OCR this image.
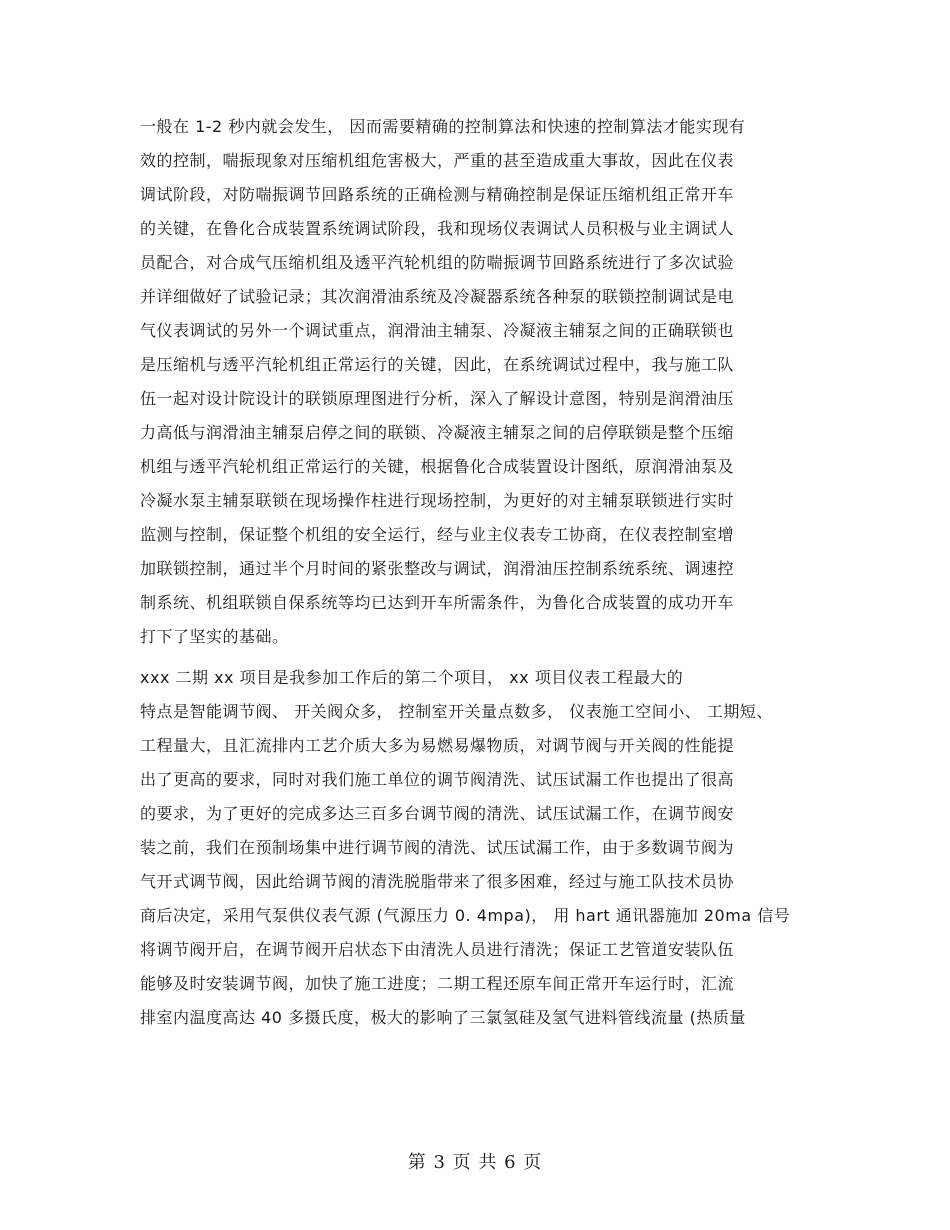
一般在 1-2 秒内就会发生， 因而需要精确的控制算法和快速的控制算法才能实现有
效的控制，喘振现象对压缩机组危害极大，严重的甚至造成重大事故，因此在仪表
调试阶段，对防喘振调节回路系统的正确检测与精确控制是保证压缩机组正常开车
的关键，在鲁化合成装置系统调试阶段，我和现场仪表调试人员积极与业主调试人
员配合，对合成气压缩机组及透平汽轮机组的防喘振调节回路系统进行了多次试验
并详细做好了试验记录；其次润滑油系统及冷凝器系统各种泵的联锁控制调试是电
气仪表调试的另外一个调试重点，润滑油主辅泵、冷凝液主辅泵之间的正确联锁也
是压缩机与透平汽轮机组正常运行的关键，因此，在系统调试过程中，我与施工队
伍一起对设计院设计的联锁原理图进行分析，深入了解设计意图，特别是润滑油压
力高低与润滑油主辅泵启停之间的联锁、冷凝液主辅泵之间的启停联锁是整个压缩
机组与透平汽轮机组正常运行的关键，根据鲁化合成装置设计图纸，原润滑油泵及
冷凝水泵主辅泵联锁在现场操作柱进行现场控制，为更好的对主辅泵联锁进行实时
监测与控制，保证整个机组的安全运行，经与业主仪表专工协商，在仪表控制室增
加联锁控制，通过半个月时间的紧张整改与调试，润滑油压控制系统系统、调速控
制系统、机组联锁自保系统等均已达到开车所需条件，为鲁化合成装置的成功开车
打下了坚实的基础。
xxx 二期 xx 项目是我参加工作后的第二个项目， xx 项目仪表工程最大的
特点是智能调节阀、 开关阀众多， 控制室开关量点数多， 仪表施工空间小、 工期短、
工程量大，且汇流排内工艺介质大多为易燃易爆物质，对调节阀与开关阀的性能提
出了更高的要求，同时对我们施工单位的调节阀清洗、试压试漏工作也提出了很高
的要求，为了更好的完成多达三百多台调节阀的清洗、试压试漏工作，在调节阀安
装之前，我们在预制场集中进行调节阀的清洗、试压试漏工作，由于多数调节阀为
气开式调节阀，因此给调节阀的清洗脱脂带来了很多困难，经过与施工队技术员协
商后决定，采用气泵供仪表气源 (气源压力 0. 4mpa)， 用 hart 通讯器施加 20ma 信号
将调节阀开启，在调节阀开启状态下由清洗人员进行清洗；保证工艺管道安装队伍
能够及时安装调节阀，加快了施工进度；二期工程还原车间正常开车运行时，汇流
排室内温度高达 40 多摄氏度，极大的影响了三氯氢硅及氢气进料管线流量 (热质量
第 3 页 共 6 页
